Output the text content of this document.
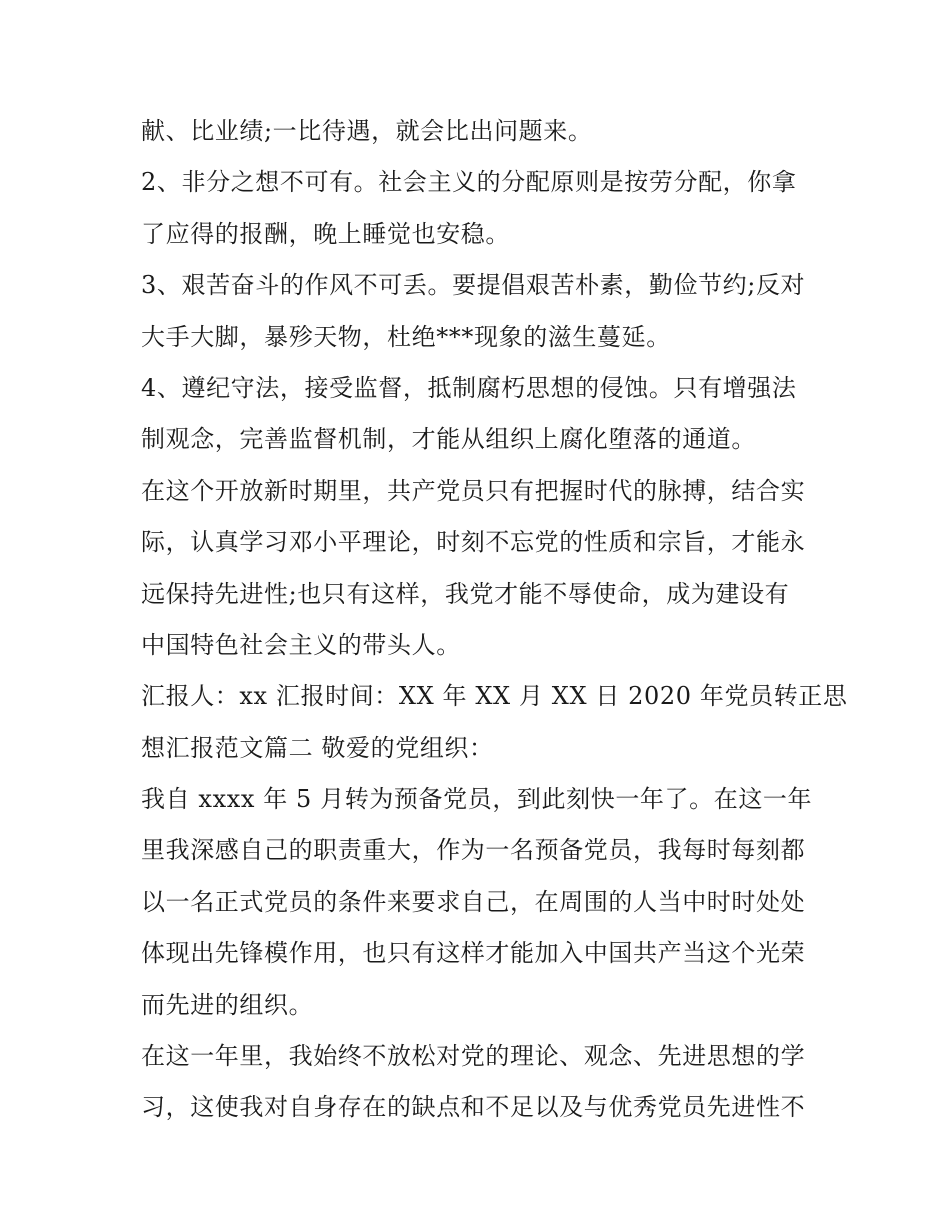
献、比业绩;一比待遇，就会比出问题来。
2、非分之想不可有。社会主义的分配原则是按劳分配，你拿
了应得的报酬，晚上睡觉也安稳。
3、艰苦奋斗的作风不可丢。要提倡艰苦朴素，勤俭节约;反对
大手大脚，暴殄天物，杜绝***现象的滋生蔓延。
4、遵纪守法，接受监督，抵制腐朽思想的侵蚀。只有增强法
制观念，完善监督机制，才能从组织上腐化堕落的通道。
在这个开放新时期里，共产党员只有把握时代的脉搏，结合实
际，认真学习邓小平理论，时刻不忘党的性质和宗旨，才能永
远保持先进性;也只有这样，我党才能不辱使命，成为建设有
中国特色社会主义的带头人。
汇报人：xx 汇报时间：XX 年 XX 月 XX 日 2020 年党员转正思
想汇报范文篇二 敬爱的党组织：
我自 xxxx 年 5 月转为预备党员，到此刻快一年了。在这一年
里我深感自己的职责重大，作为一名预备党员，我每时每刻都
以一名正式党员的条件来要求自己，在周围的人当中时时处处
体现出先锋模作用，也只有这样才能加入中国共产当这个光荣
而先进的组织。
在这一年里，我始终不放松对党的理论、观念、先进思想的学
习，这使我对自身存在的缺点和不足以及与优秀党员先进性不
